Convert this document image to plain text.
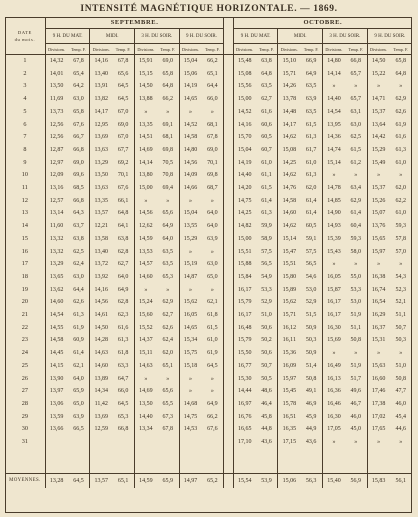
INTENSITÉ MAGNÉTIQUE HORIZONTALE. — 1869.
DATE
du mois.	SEPTEMBRE.									OCTOBRE.							
	9 H. DU MAT.		MIDI.		3 H. DU SOIR.		9 H. DU SOIR.			9 H. DU MAT.		MIDI.		3 H. DU SOIR.		9 H. DU SOIR.	
	Divisions.	Temp. F.	Divisions.	Temp. F.	Divisions.	Temp. F.	Divisions.	Temp. F.		Divisions.	Temp. F.	Divisions.	Temp. F.	Divisions.	Temp. F.	Divisions.	Temp. F.
1	14,32	67,8	14,16	67,8	15,91	69,0	15,04	66,2		15,48	63,8	15,10	66,9	14,80	66,8	14,50	65,8
2	14,01	65,4	13,40	65,6	15,15	65,8	15,06	65,1		15,08	64,8	15,71	64,9	14,14	65,7	15,22	64,8
3	13,50	64,2	13,91	64,5	14,50	64,8	14,19	64,4		15,56	63,5	14,26	63,5	»	»	»	»
4	11,69	63,0	13,82	64,5	13,88	66,2	14,65	66,0		15,00	62,7	13,78	63,9	14,40	65,7	14,71	62,9
5	13,73	65,8	14,17	67,0	»	»	»	»		14,52	61,6	14,48	63,5	14,54	63,1	15,37	62,6
6	12,56	67,6	12,95	69,0	13,35	69,1	14,52	68,1		14,16	60,6	14,17	61,5	13,95	63,0	13,64	61,9
7	12,56	66,7	13,69	67,0	14,51	68,1	14,58	67,8		15,70	60,5	14,62	61,3	14,36	62,5	14,42	61,6
8	12,87	66,8	13,63	67,7	14,69	69,8	14,80	69,0		15,04	60,7	15,08	61,7	14,74	61,5	15,29	61,3
9	12,97	69,0	13,29	69,2	14,14	70,5	14,56	70,1		14,19	61,0	14,25	61,0	15,14	61,2	15,49	61,0
10	12,09	69,6	13,50	70,1	13,80	70,8	14,09	69,8		14,40	61,1	14,62	61,3	»	»	»	»
11	13,16	68,5	13,63	67,6	15,00	69,4	14,66	68,7		14,20	61,5	14,76	62,0	14,78	63,4	15,37	62,0
12	12,57	66,8	13,35	66,1	»	»	»	»		14,75	61,4	14,58	61,4	14,85	62,9	15,26	62,2
13	13,14	64,3	13,57	64,8	14,56	65,6	15,04	64,0		14,25	61,3	14,60	61,4	14,90	61,4	15,07	61,0
14	11,60	63,7	12,21	64,1	12,62	64,9	13,55	64,0		14,82	59,9	14,62	60,5	14,93	60,4	13,76	59,3
15	13,32	63,8	13,58	63,8	14,59	64,0	15,29	63,9		15,00	58,9	15,14	59,1	15,39	59,3	15,65	57,8
16	13,32	62,5	13,40	62,8	13,53	63,5	»	»		15,51	57,5	15,47	57,5	15,43	58,0	15,97	57,0
17	13,29	62,4	13,72	62,7	14,57	63,5	15,19	63,0		15,88	56,5	15,51	56,5	»	»	»	»
18	13,65	63,0	13,92	64,0	14,60	65,3	14,87	65,0		15,84	54,9	15,80	54,6	16,05	55,0	16,38	54,3
19	13,62	64,4	14,16	64,9	»	»	»	»		16,17	53,3	15,89	53,0	15,87	53,3	16,74	52,3
20	14,60	62,6	14,56	62,8	15,24	62,9	15,62	62,1		15,79	52,9	15,62	52,9	16,17	53,0	16,54	52,1
21	14,54	61,3	14,61	62,3	15,60	62,7	16,05	61,8		16,17	51,0	15,71	51,5	16,17	51,9	16,29	51,1
22	14,55	61,9	14,50	61,6	15,52	62,6	14,65	61,5		16,48	50,6	16,12	50,9	16,30	51,1	16,37	50,7
23	14,58	60,9	14,28	61,3	14,37	62,4	15,34	61,0		15,79	50,2	16,11	50,3	15,69	50,8	15,31	50,3
24	14,45	61,4	14,63	61,8	15,11	62,0	15,75	61,9		15,50	50,6	15,36	50,9	»	»	»	»
25	14,15	62,1	14,60	63,3	14,63	65,1	15,18	64,5		16,77	50,7	16,09	51,4	16,49	51,9	15,63	51,0
26	13,90	64,0	13,89	64,7	»	»	»	»		15,30	50,5	15,97	50,8	16,13	51,7	16,60	50,8
27	13,97	65,9	14,34	66,0	14,69	65,6	»	»		14,44	48,6	15,45	49,1	16,36	49,6	17,46	47,7
28	13,06	65,0	11,42	64,5	13,50	65,5	14,68	64,9		16,97	46,4	15,78	46,9	16,46	46,7	17,38	46,0
29	13,59	63,9	13,69	65,3	14,40	67,3	14,75	66,2		16,76	45,8	16,51	45,9	16,30	46,0	17,02	45,4
30	13,66	66,5	12,59	66,8	13,34	67,8	14,53	67,6		16,65	44,8	16,35	44,9	17,05	45,0	17,65	44,6
31										17,10	43,6	17,15	43,6	»	»	»	»

MOYENNES.	13,28	64,5	13,57	65,1	14,59	65,9	14,97	65,2		15,54	53,9	15,06	56,3	15,40	56,9	15,83	56,1
